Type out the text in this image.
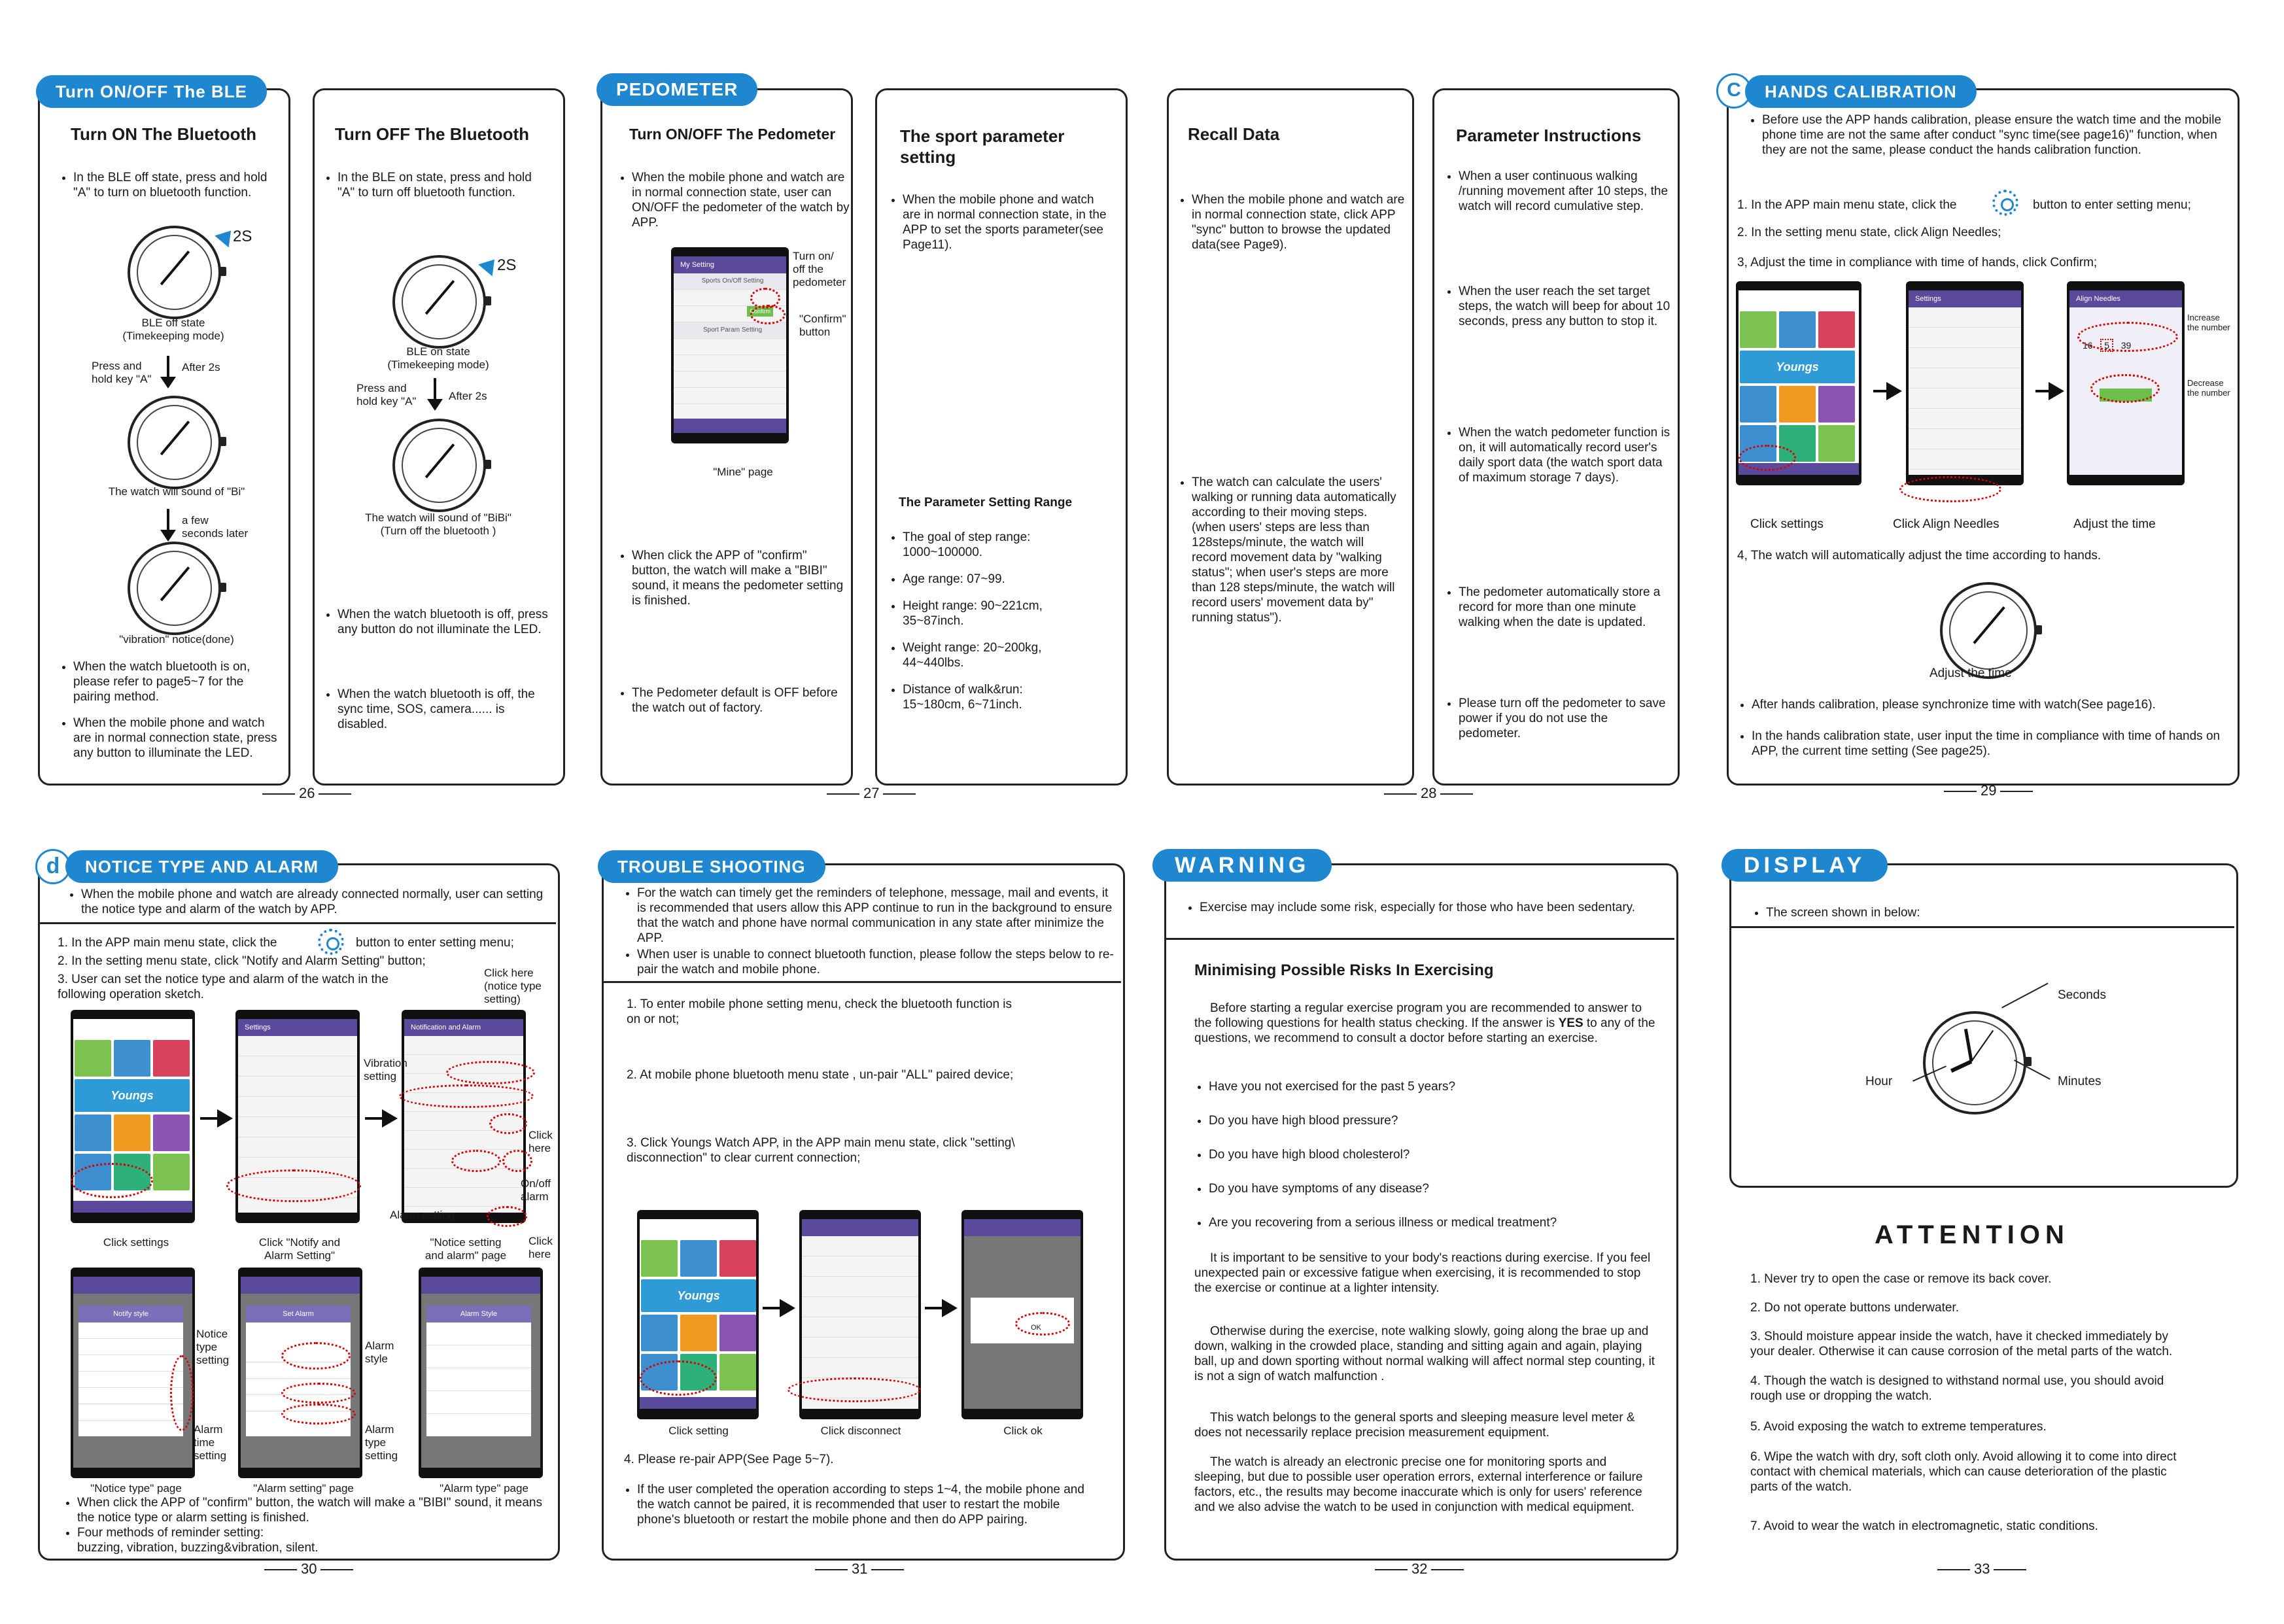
Turn ON/OFF The BLE
Turn ON The Bluetooth
• In the BLE off state, press and hold "A" to turn on bluetooth function.
2S
BLE off state
(Timekeeping mode)
Press and
hold key "A"
After 2s
The watch will sound of "Bi"
a few
seconds later
"vibration" notice(done)
• When the watch bluetooth is on, please refer to page5~7 for the pairing method.
• When the mobile phone and watch are in normal connection state, press any button to illuminate the LED.
Turn OFF The Bluetooth
• In the BLE on state, press and hold "A" to turn off bluetooth function.
2S
BLE on state
(Timekeeping mode)
Press and
hold key "A"	After 2s
The watch will sound of "BiBi"
(Turn off the bluetooth )
• When the watch bluetooth is off, press any button do not illuminate the LED.
• When the watch bluetooth is off, the sync time, SOS, camera...... is disabled.
26
PEDOMETER
Turn ON/OFF The Pedometer
• When the mobile phone and watch are in normal connection state, user can ON/OFF the pedometer of the watch by APP.
My Setting
Sports On/Off Setting
Confirm
Sport Param Setting
Turn on/
off the
pedometer
"Confirm"
button
"Mine" page
• When click the APP of "confirm" button, the watch will make a "BIBI" sound, it means the pedometer setting is finished.
• The Pedometer default is OFF before the watch out of factory.
The sport parameter
setting
• When the mobile phone and watch are in normal connection state, in the APP to set the sports parameter(see Page11).
The Parameter Setting Range
• The goal of step range:
1000~100000.
• Age range: 07~99.
• Height range: 90~221cm,
35~87inch.
• Weight range: 20~200kg,
44~440lbs.
• Distance of walk&run:
15~180cm, 6~71inch.
27
Recall Data
• When the mobile phone and watch are in normal connection state, click APP "sync" button to browse the updated data(see Page9).
• The watch can calculate the users' walking or running data automatically according to their moving steps. (when users' steps are less than 128steps/minute, the watch will record movement data by "walking status"; when user's steps are more than 128 steps/minute, the watch will record users' movement data by" running status").
Parameter Instructions
• When a user continuous walking /running movement after 10 steps, the watch will record cumulative step.
• When the user reach the set target steps, the watch will beep for about 10 seconds, press any button to stop it.
• When the watch pedometer function is on, it will automatically record user's daily sport data (the watch sport data of maximum storage 7 days).
• The pedometer automatically store a record for more than one minute walking when the date is updated.
• Please turn off the pedometer to save power if you do not use the pedometer.
28
C	HANDS CALIBRATION
• Before use the APP hands calibration, please ensure the watch time and the mobile phone time are not the same after conduct "sync time(see page16)" function, when they are not the same, please conduct the hands calibration function.
1. In the APP main menu state, click the	button to enter setting menu;
2. In the setting menu state, click Align Needles;
3, Adjust the time in compliance with time of hands, click Confirm;
Youngs
Settings	Align Needles
16 5 39
Increase
the number
Decrease
the number
Click settings	Click Align Needles	Adjust the time
4, The watch will automatically adjust the time according to hands.
Adjust the time
• After hands calibration, please synchronize time with watch(See page16).
• In the hands calibration state, user input the time in compliance with time of hands on APP, the current time setting (See page25).
29
d	NOTICE TYPE AND ALARM
• When the mobile phone and watch are already connected normally, user can setting the notice type and alarm of the watch by APP.
1. In the APP main menu state, click the	button to enter setting menu;
2. In the setting menu state, click "Notify and Alarm Setting" button;
3. User can set the notice type and alarm of the watch in the
following operation sketch.
Youngs
Settings	Notification and Alarm
Click here
(notice type
setting)
Vibration
setting
Click
here
On/off
alarm
Alarm setting
Click
here
Click settings	Click "Notify and
Alarm Setting"
"Notice setting
and alarm" page
Notify style	Set Alarm	Alarm Style
Notice
type
setting
Alarm
style
Alarm
time
setting
Alarm
type
setting
"Notice type" page	"Alarm setting" page	"Alarm type" page
• When click the APP of "confirm" button, the watch will make a "BIBI" sound, it means the notice type or alarm setting is finished.
• Four methods of reminder setting:
buzzing, vibration, buzzing&vibration, silent.
30
TROUBLE SHOOTING
• For the watch can timely get the reminders of telephone, message, mail and events, it is recommended that users allow this APP continue to run in the background to ensure that the watch and phone have normal communication in any state after minimize the APP.
• When user is unable to connect bluetooth function, please follow the steps below to re-pair the watch and mobile phone.
1. To enter mobile phone setting menu, check the bluetooth function is
on or not;
2. At mobile phone bluetooth menu state , un-pair "ALL" paired device;
3. Click Youngs Watch APP, in the APP main menu state, click "setting\
disconnection" to clear current connection;
Youngs
OK
Click setting	Click disconnect	Click ok
4. Please re-pair APP(See Page 5~7).
• If the user completed the operation according to steps 1~4, the mobile phone and the watch cannot be paired, it is recommended that user to restart the mobile phone's bluetooth or restart the mobile phone and then do APP pairing.
31
WARNING
• Exercise may include some risk, especially for those who have been sedentary.
Minimising Possible Risks In Exercising
Before starting a regular exercise program you are recommended to answer to the following questions for health status checking. If the answer is YES to any of the questions, we recommend to consult a doctor before starting an exercise.
• Have you not exercised for the past 5 years?
• Do you have high blood pressure?
• Do you have high blood cholesterol?
• Do you have symptoms of any disease?
• Are you recovering from a serious illness or medical treatment?
It is important to be sensitive to your body's reactions during exercise. If you feel unexpected pain or excessive fatigue when exercising, it is recommended to stop the exercise or continue at a lighter intensity.
Otherwise during the exercise, note walking slowly, going along the brae up and down, walking in the crowded place, standing and sitting again and again, playing ball, up and down sporting without normal walking will affect normal step counting, it is not a sign of watch malfunction .
This watch belongs to the general sports and sleeping measure level meter & does not necessarily replace precision measurement equipment.
The watch is already an electronic precise one for monitoring sports and sleeping, but due to possible user operation errors, external interference or failure factors, etc., the results may become inaccurate which is only for users' reference and we also advise the watch to be used in conjunction with medical equipment.
32
DISPLAY
• The screen shown in below:
Seconds
Hour	Minutes
ATTENTION
1. Never try to open the case or remove its back cover.
2. Do not operate buttons underwater.
3. Should moisture appear inside the watch, have it checked immediately by
your dealer. Otherwise it can cause corrosion of the metal parts of the watch.
4. Though the watch is designed to withstand normal use, you should avoid
rough use or dropping the watch.
5. Avoid exposing the watch to extreme temperatures.
6. Wipe the watch with dry, soft cloth only. Avoid allowing it to come into direct
contact with chemical materials, which can cause deterioration of the plastic
parts of the watch.
7. Avoid to wear the watch in electromagnetic, static conditions.
33
